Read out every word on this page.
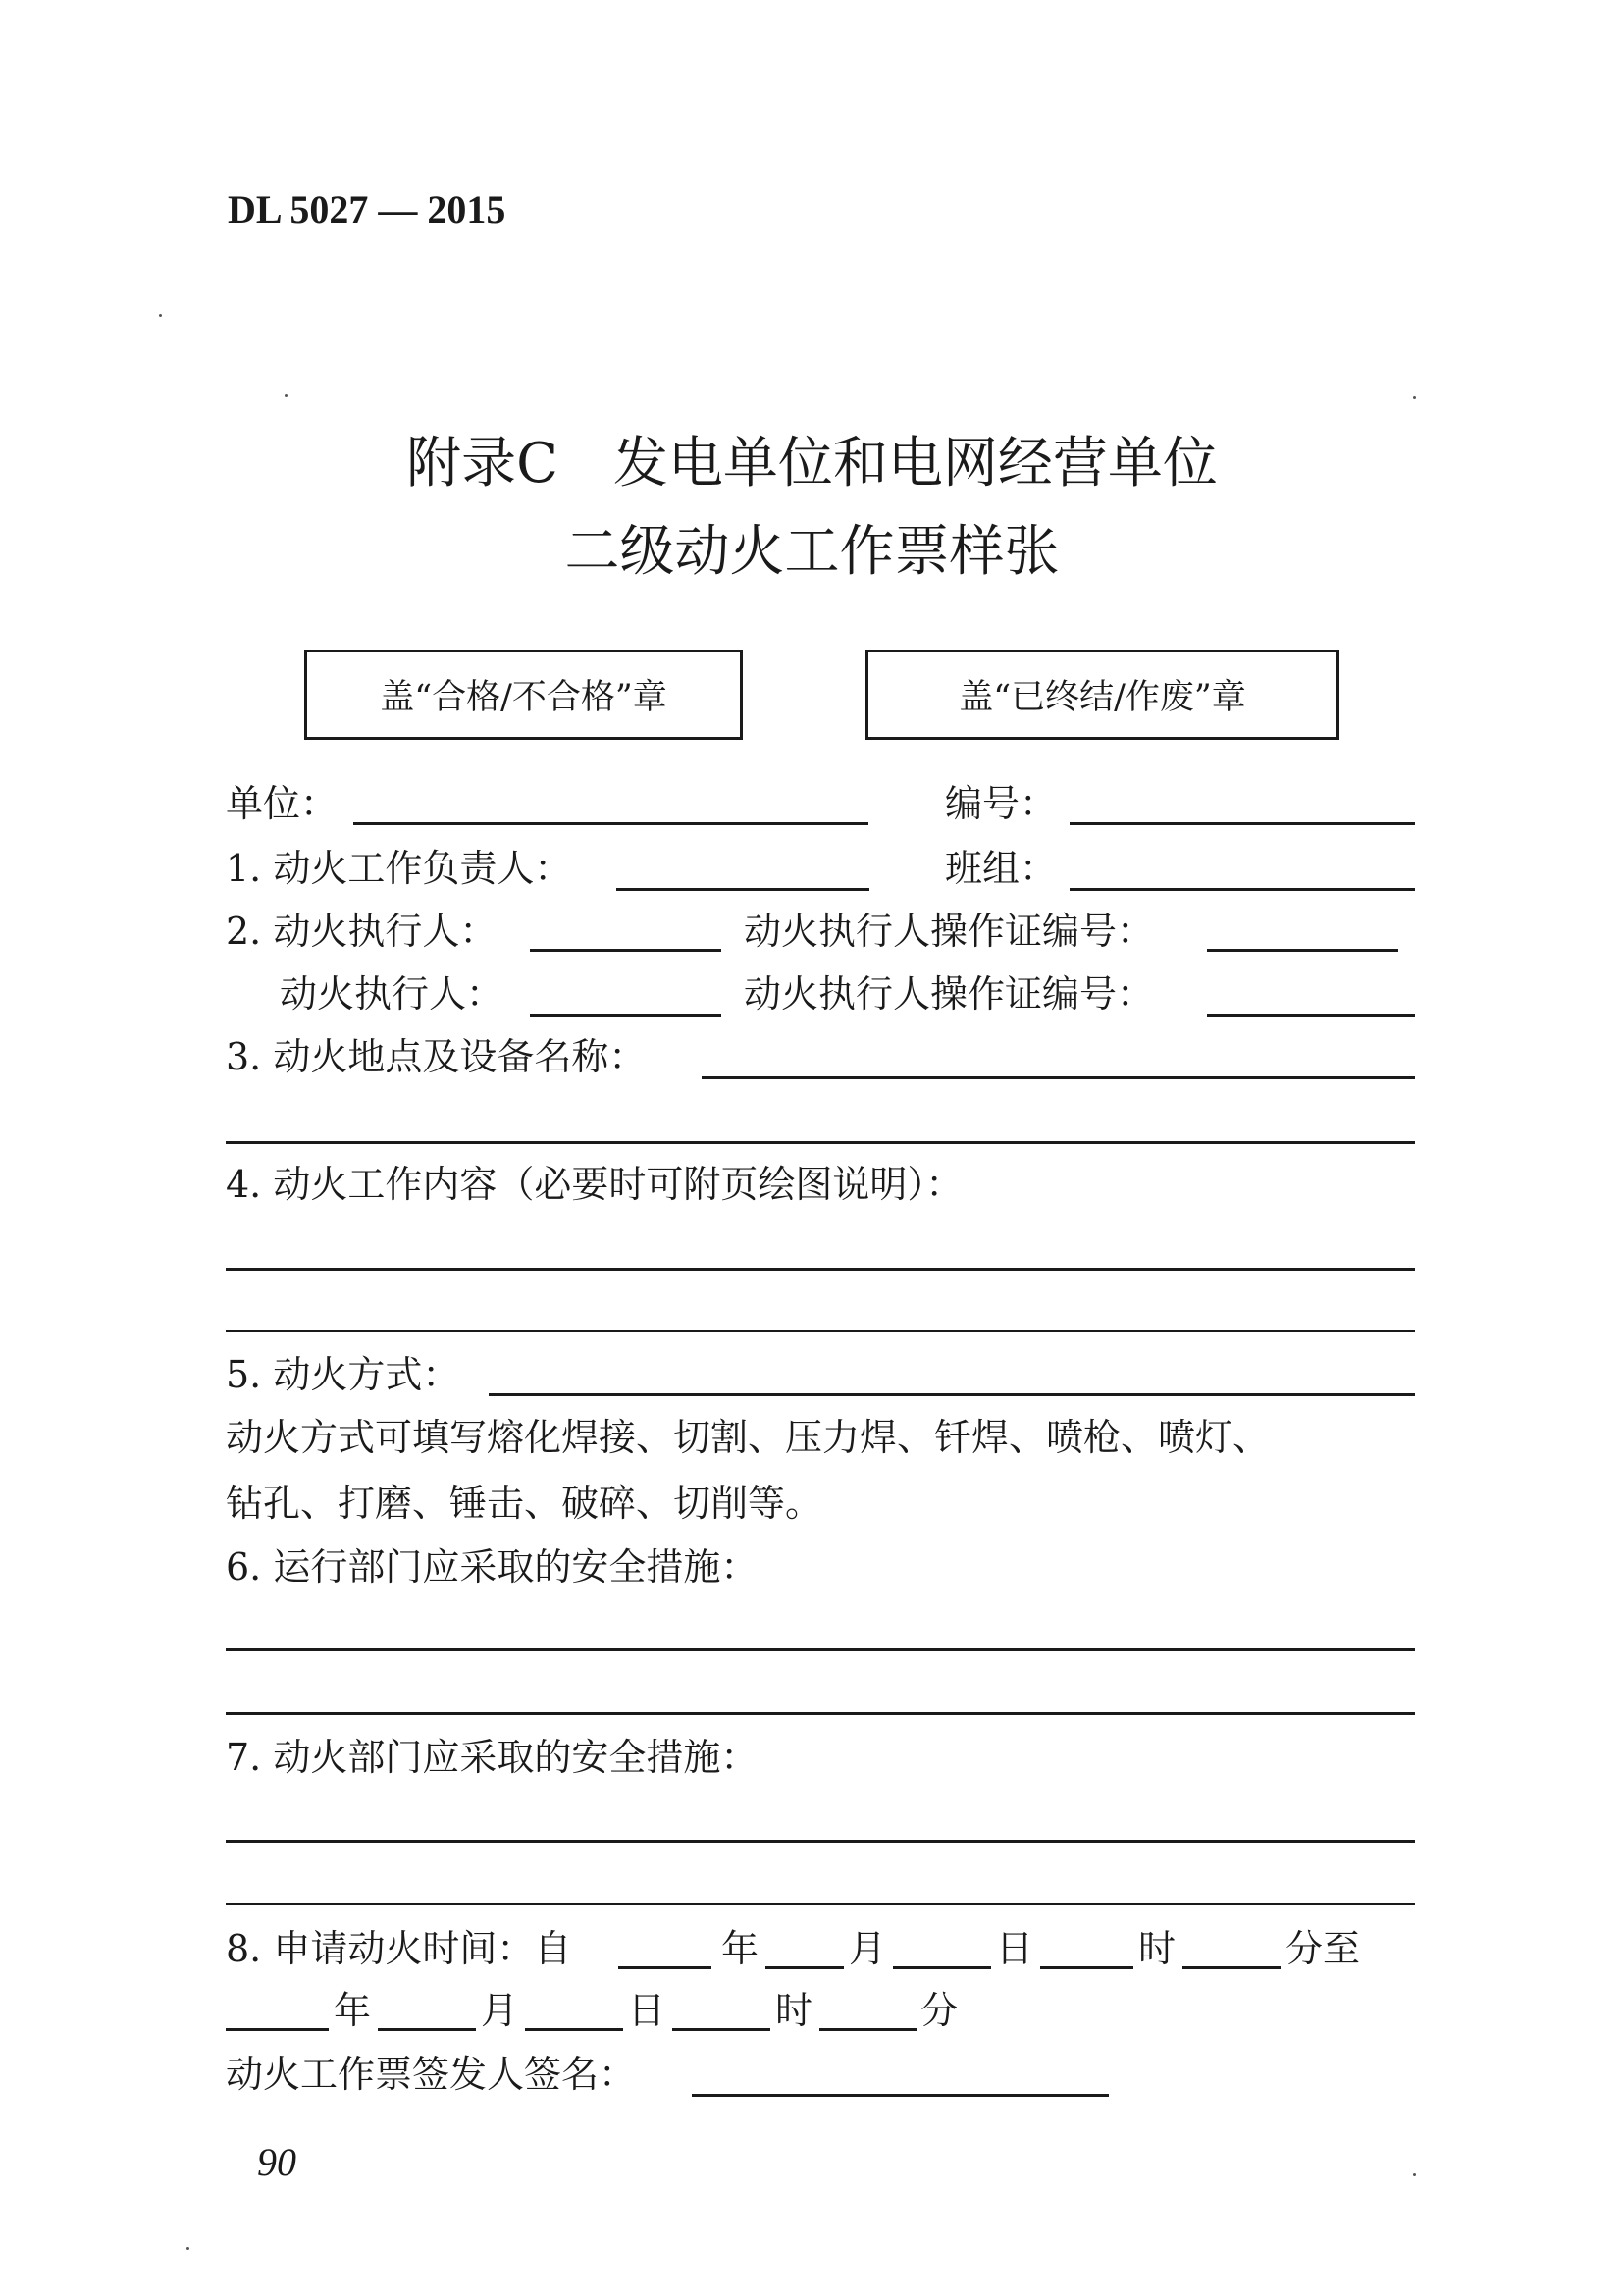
DL 5027 — 2015
附录C　发电单位和电网经营单位
二级动火工作票样张
盖“合格/不合格”章	盖“已终结/作废”章
单位：	编号：
1. 动火工作负责人：	班组：
2. 动火执行人：	动火执行人操作证编号：
动火执行人：	动火执行人操作证编号：
3. 动火地点及设备名称：
4. 动火工作内容（必要时可附页绘图说明）：
5. 动火方式：
动火方式可填写熔化焊接、切割、压力焊、钎焊、喷枪、喷灯、
钻孔、打磨、锤击、破碎、切削等。
6. 运行部门应采取的安全措施：
7. 动火部门应采取的安全措施：
8. 申请动火时间：自	年 月	日	时	分至
年	月	日	时	分
动火工作票签发人签名：
90
